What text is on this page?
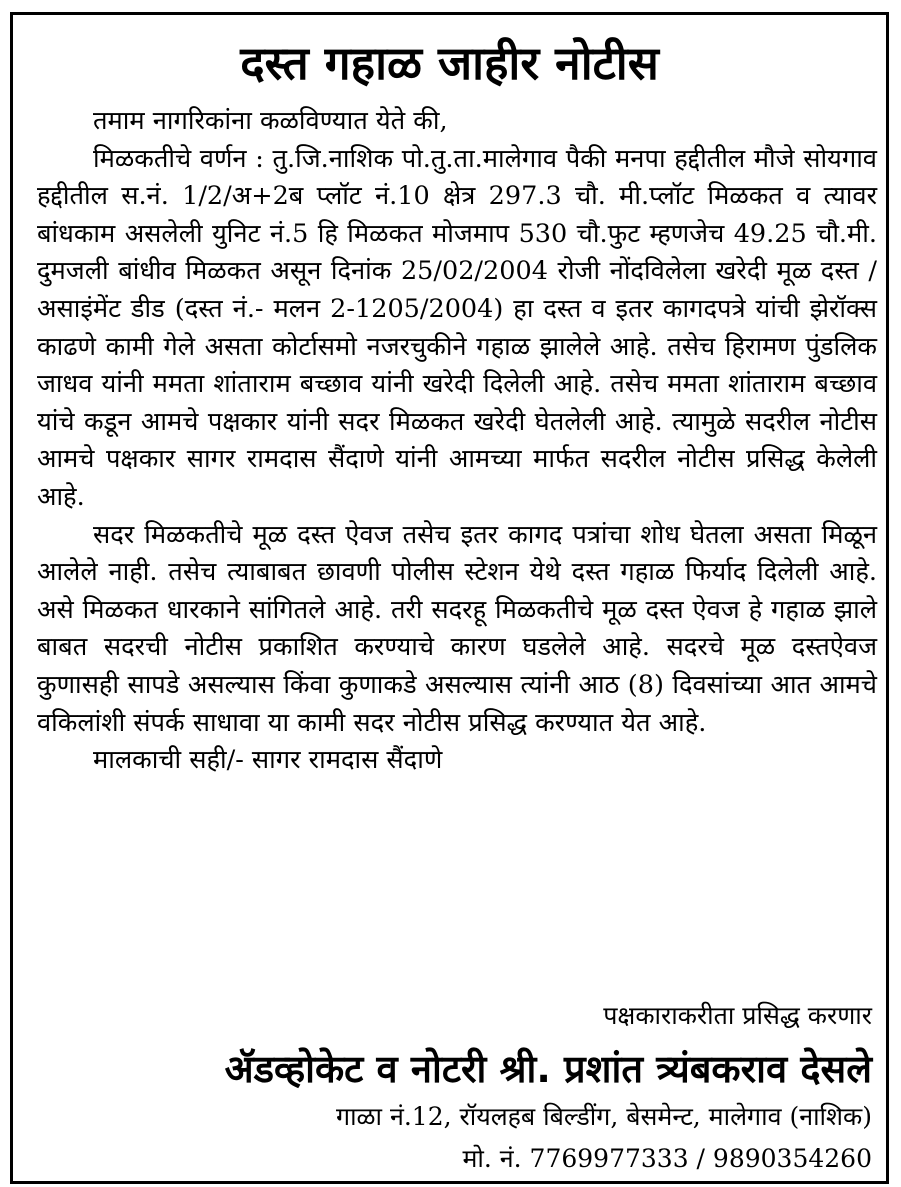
दस्त गहाळ जाहीर नोटीस

तमाम नागरिकांना कळविण्यात येते की,

मिळकतीचे वर्णन : तु.जि.नाशिक पो.तु.ता.मालेगाव पैकी मनपा हद्दीतील मौजे सोयगाव हद्दीतील स.नं. 1/2/अ+2ब प्लॉट नं.10 क्षेत्र 297.3 चौ. मी.प्लॉट मिळकत व त्यावर बांधकाम असलेली युनिट नं.5 हि मिळकत मोजमाप 530 चौ.फुट म्हणजेच 49.25 चौ.मी. दुमजली बांधीव मिळकत असून दिनांक 25/02/2004 रोजी नोंदविलेला खरेदी मूळ दस्त /असाइंमेंट डीड (दस्त नं.- मलन 2-1205/2004) हा दस्त व इतर कागदपत्रे यांची झेरॉक्स काढणे कामी गेले असता कोर्टासमो नजरचुकीने गहाळ झालेले आहे. तसेच हिरामण पुंडलिक जाधव यांनी ममता शांताराम बच्छाव यांनी खरेदी दिलेली आहे. तसेच ममता शांताराम बच्छाव यांचे कडून आमचे पक्षकार यांनी सदर मिळकत खरेदी घेतलेली आहे. त्यामुळे सदरील नोटीस आमचे पक्षकार सागर रामदास सैंदाणे यांनी आमच्या मार्फत सदरील नोटीस प्रसिद्ध केलेली आहे.

सदर मिळकतीचे मूळ दस्त ऐवज तसेच इतर कागद पत्रांचा शोध घेतला असता मिळून आलेले नाही. तसेच त्याबाबत छावणी पोलीस स्टेशन येथे दस्त गहाळ फिर्याद दिलेली आहे. असे मिळकत धारकाने सांगितले आहे. तरी सदरहू मिळकतीचे मूळ दस्त ऐवज हे गहाळ झाले बाबत सदरची नोटीस प्रकाशित करण्याचे कारण घडलेले आहे. सदरचे मूळ दस्तऐवज कुणासही सापडे असल्यास किंवा कुणाकडे असल्यास त्यांनी आठ (8) दिवसांच्या आत आमचे वकिलांशी संपर्क साधावा या कामी सदर नोटीस प्रसिद्ध करण्यात येत आहे.

मालकाची सही/- सागर रामदास सैंदाणे

पक्षकाराकरीता प्रसिद्ध करणार
ॲडव्होकेट व नोटरी श्री. प्रशांत त्र्यंबकराव देसले
गाळा नं.12, रॉयलहब बिल्डींग, बेसमेन्ट, मालेगाव (नाशिक)
मो. नं. 7769977333 / 9890354260
